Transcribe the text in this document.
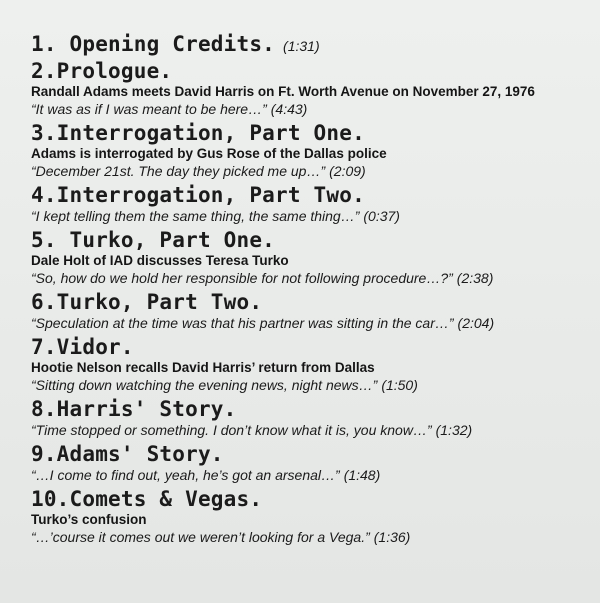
1. Opening Credits. (1:31)
2.Prologue.
Randall Adams meets David Harris on Ft. Worth Avenue on November 27, 1976
“It was as if I was meant to be here…” (4:43)
3.Interrogation, Part One.
Adams is interrogated by Gus Rose of the Dallas police
“December 21st. The day they picked me up…” (2:09)
4.Interrogation, Part Two.
“I kept telling them the same thing, the same thing…” (0:37)
5. Turko, Part One.
Dale Holt of IAD discusses Teresa Turko
“So, how do we hold her responsible for not following procedure…?” (2:38)
6.Turko, Part Two.
“Speculation at the time was that his partner was sitting in the car…” (2:04)
7.Vidor.
Hootie Nelson recalls David Harris’ return from Dallas
“Sitting down watching the evening news, night news…” (1:50)
8.Harris' Story.
“Time stopped or something. I don’t know what it is, you know…” (1:32)
9.Adams' Story.
“…I come to find out, yeah, he’s got an arsenal…” (1:48)
10.Comets & Vegas.
Turko’s confusion
“…’course it comes out we weren’t looking for a Vega.” (1:36)
